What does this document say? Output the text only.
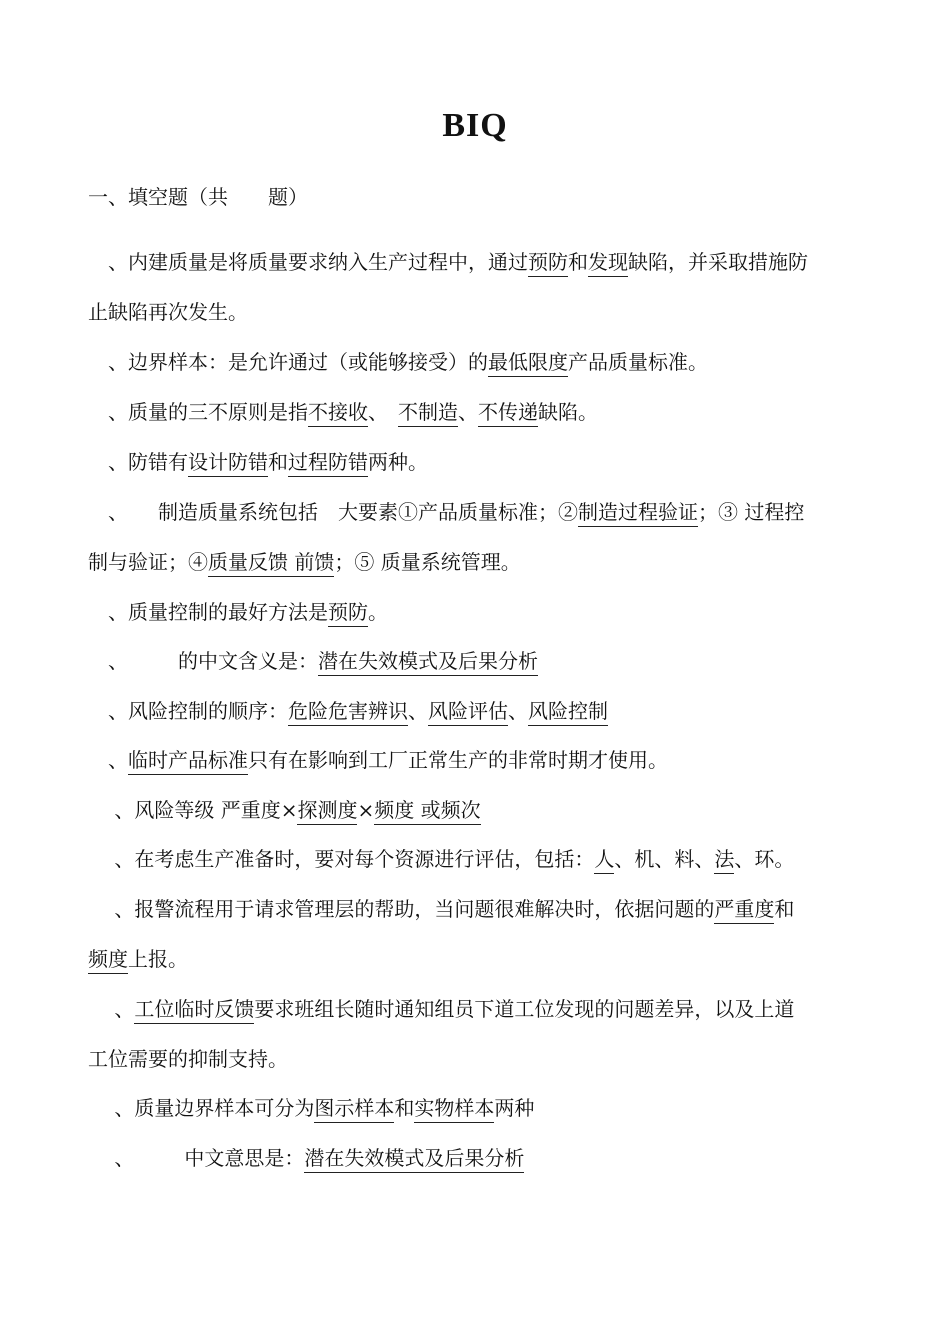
BIQ
一、填空题（共　　题）
　、内建质量是将质量要求纳入生产过程中，通过预防和发现缺陷，并采取措施防
止缺陷再次发生。
　、边界样本：是允许通过（或能够接受）的最低限度产品质量标准。
　、质量的三不原则是指不接收、　不制造、不传递缺陷。
　、防错有设计防错和过程防错两种。
　、　　制造质量系统包括　大要素①产品质量标准；②制造过程验证；③ 过程控
制与验证；④质量反馈 前馈；⑤ 质量系统管理。
　、质量控制的最好方法是预防。
　、　　　的中文含义是：潜在失效模式及后果分析
　、风险控制的顺序：危险危害辨识、风险评估、风险控制
　、临时产品标准只有在影响到工厂正常生产的非常时期才使用。
　 、风险等级 严重度×探测度×频度 或频次
　 、在考虑生产准备时，要对每个资源进行评估，包括：人、机、料、法、环。
　 、报警流程用于请求管理层的帮助，当问题很难解决时，依据问题的严重度和
频度上报。
　 、工位临时反馈要求班组长随时通知组员下道工位发现的问题差异，以及上道
工位需要的抑制支持。
　 、质量边界样本可分为图示样本和实物样本两种
　 、　　　中文意思是：潜在失效模式及后果分析
